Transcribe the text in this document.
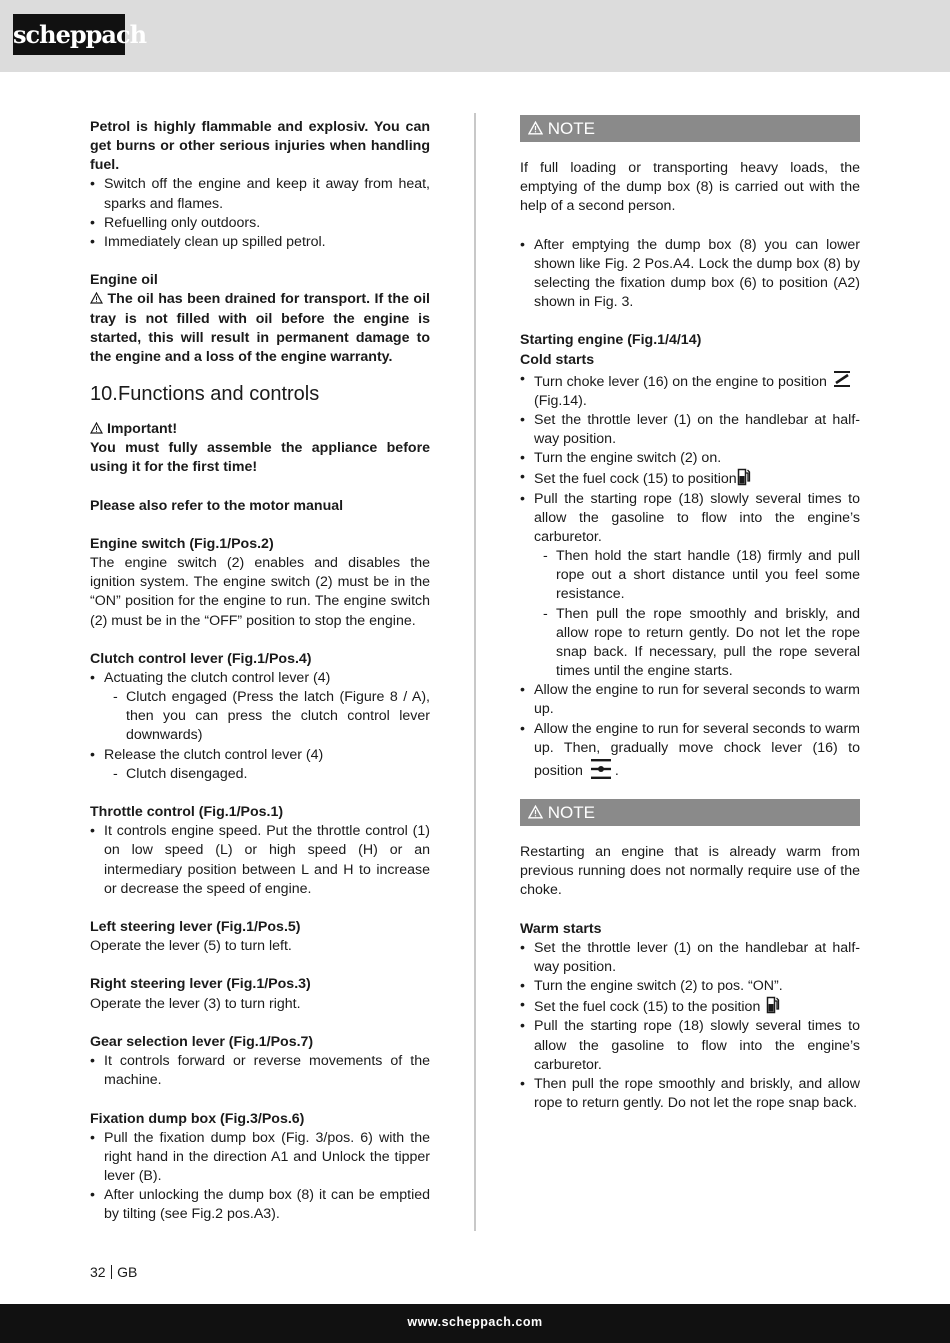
scheppach

Petrol is highly flammable and explosiv. You can get burns or other serious injuries when handling fuel.

• Switch off the engine and keep it away from heat, sparks and flames.
• Refuelling only outdoors.
• Immediately clean up spilled petrol.

Engine oil

The oil has been drained for transport. If the oil tray is not filled with oil before the engine is started, this will result in permanent damage to the engine and a loss of the engine warranty.

10.Functions and controls

Important!

You must fully assemble the appliance before using it for the first time!

Please also refer to the motor manual

Engine switch (Fig.1/Pos.2)

The engine switch (2) enables and disables the ignition system. The engine switch (2) must be in the “ON” position for the engine to run. The engine switch (2) must be in the “OFF” position to stop the engine.

Clutch control lever (Fig.1/Pos.4)

• Actuating the clutch control lever (4)
- Clutch engaged (Press the latch (Figure 8 / A), then you can press the clutch control lever downwards)
• Release the clutch control lever (4)
- Clutch disengaged.

Throttle control (Fig.1/Pos.1)

• It controls engine speed. Put the throttle control (1) on low speed (L) or high speed (H) or an intermediary position between L and H to increase or decrease the speed of engine.

Left steering lever (Fig.1/Pos.5)

Operate the lever (5) to turn left.

Right steering lever (Fig.1/Pos.3)

Operate the lever (3) to turn right.

Gear selection lever (Fig.1/Pos.7)

• It controls forward or reverse movements of the machine.

Fixation dump box (Fig.3/Pos.6)

• Pull the fixation dump box (Fig. 3/pos. 6) with the right hand in the direction A1 and Unlock the tipper lever (B).
• After unlocking the dump box (8) it can be emptied by tilting (see Fig.2 pos.A3).
NOTE

If full loading or transporting heavy loads, the emptying of the dump box (8) is carried out with the help of a second person.

• After emptying the dump box (8) you can lower shown like Fig. 2 Pos.A4. Lock the dump box (8) by selecting the fixation dump box (6) to position (A2) shown in Fig. 3.

Starting engine (Fig.1/4/14)

Cold starts

• Turn choke lever (16) on the engine to position
(Fig.14).
• Set the throttle lever (1) on the handlebar at half-way position.
• Turn the engine switch (2) on.
• Set the fuel cock (15) to position
• Pull the starting rope (18) slowly several times to allow the gasoline to flow into the engine’s carburetor.
- Then hold the start handle (18) firmly and pull rope out a short distance until you feel some resistance.
- Then pull the rope smoothly and briskly, and allow rope to return gently. Do not let the rope snap back. If necessary, pull the rope several times until the engine starts.
• Allow the engine to run for several seconds to warm up.
• Allow the engine to run for several seconds to warm up. Then, gradually move chock lever (16) to position .
NOTE

Restarting an engine that is already warm from previous running does not normally require use of the choke.

Warm starts

• Set the throttle lever (1) on the handlebar at half-way position.
• Turn the engine switch (2) to pos. “ON”.
• Set the fuel cock (15) to the position
• Pull the starting rope (18) slowly several times to allow the gasoline to flow into the engine’s carburetor.
• Then pull the rope smoothly and briskly, and allow rope to return gently. Do not let the rope snap back.
32 GB
www.scheppach.com
